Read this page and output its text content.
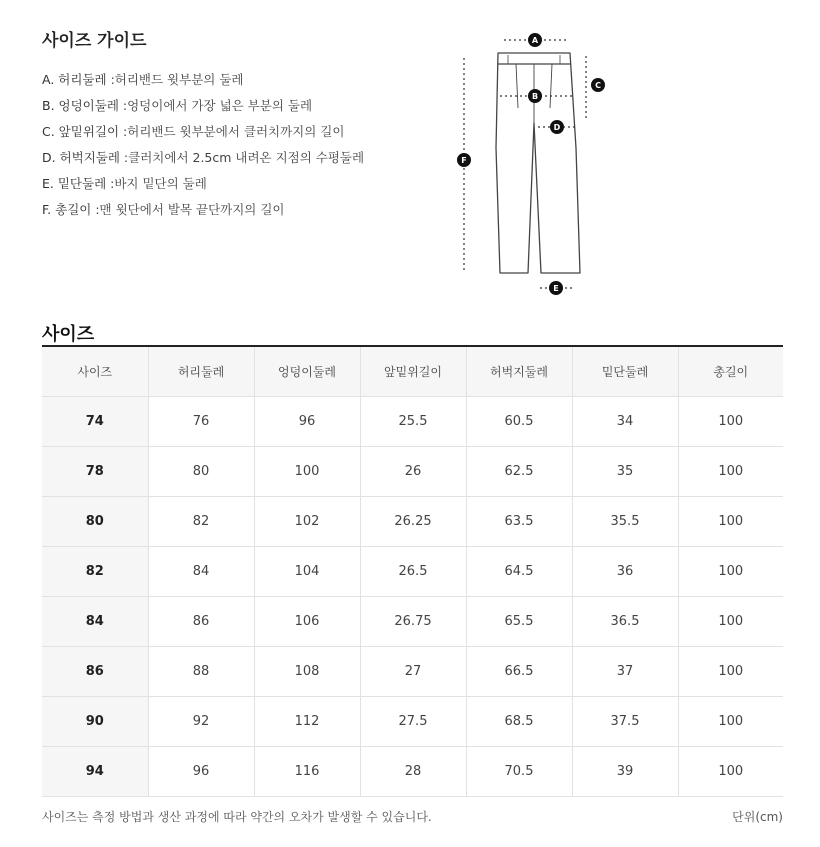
사이즈 가이드
A. 허리둘레 :허리밴드 윗부분의 둘레
B. 엉덩이둘레 :엉덩이에서 가장 넓은 부분의 둘레
C. 앞밑위길이 :허리밴드 윗부분에서 클러치까지의 길이
D. 허벅지둘레 :클러치에서 2.5cm 내려온 지점의 수평둘레
E. 밑단둘레 :바지 밑단의 둘레
F. 총길이 :맨 윗단에서 발목 끝단까지의 길이
A
B
C
D
E
F
사이즈
사이즈	허리둘레	엉덩이둘레	앞밑위길이	허벅지둘레	밑단둘레	총길이
74	76	96	25.5	60.5	34	100
78	80	100	26	62.5	35	100
80	82	102	26.25	63.5	35.5	100
82	84	104	26.5	64.5	36	100
84	86	106	26.75	65.5	36.5	100
86	88	108	27	66.5	37	100
90	92	112	27.5	68.5	37.5	100
94	96	116	28	70.5	39	100
사이즈는 측정 방법과 생산 과정에 따라 약간의 오차가 발생할 수 있습니다.	단위(cm)
